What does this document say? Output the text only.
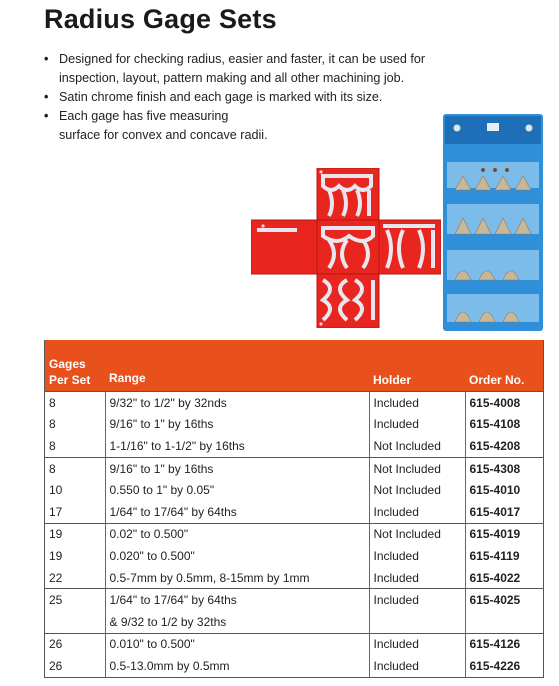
Radius Gage Sets
• Designed for checking radius, easier and faster, it can be used for
inspection, layout, pattern making and all other machining job.
• Satin chrome finish and each gage is marked with its size.
• Each gage has five measuring
surface for convex and concave radii.
Gages
Per Set	Range	Holder	Order No.
8	9/32" to 1/2" by 32nds	Included	615-4008
8	9/16" to 1" by 16ths	Included	615-4108
8	1-1/16" to 1-1/2" by 16ths	Not Included	615-4208
8	9/16" to 1" by 16ths	Not Included	615-4308
10	0.550 to 1" by 0.05"	Not Included	615-4010
17	1/64" to 17/64" by 64ths	Included	615-4017
19	0.02" to 0.500"	Not Included	615-4019
19	0.020" to 0.500"	Included	615-4119
22	0.5-7mm by 0.5mm, 8-15mm by 1mm	Included	615-4022
25	1/64" to 17/64" by 64ths	Included	615-4025
	& 9/32 to 1/2 by 32ths		
26	0.010" to 0.500"	Included	615-4126
26	0.5-13.0mm by 0.5mm	Included	615-4226
